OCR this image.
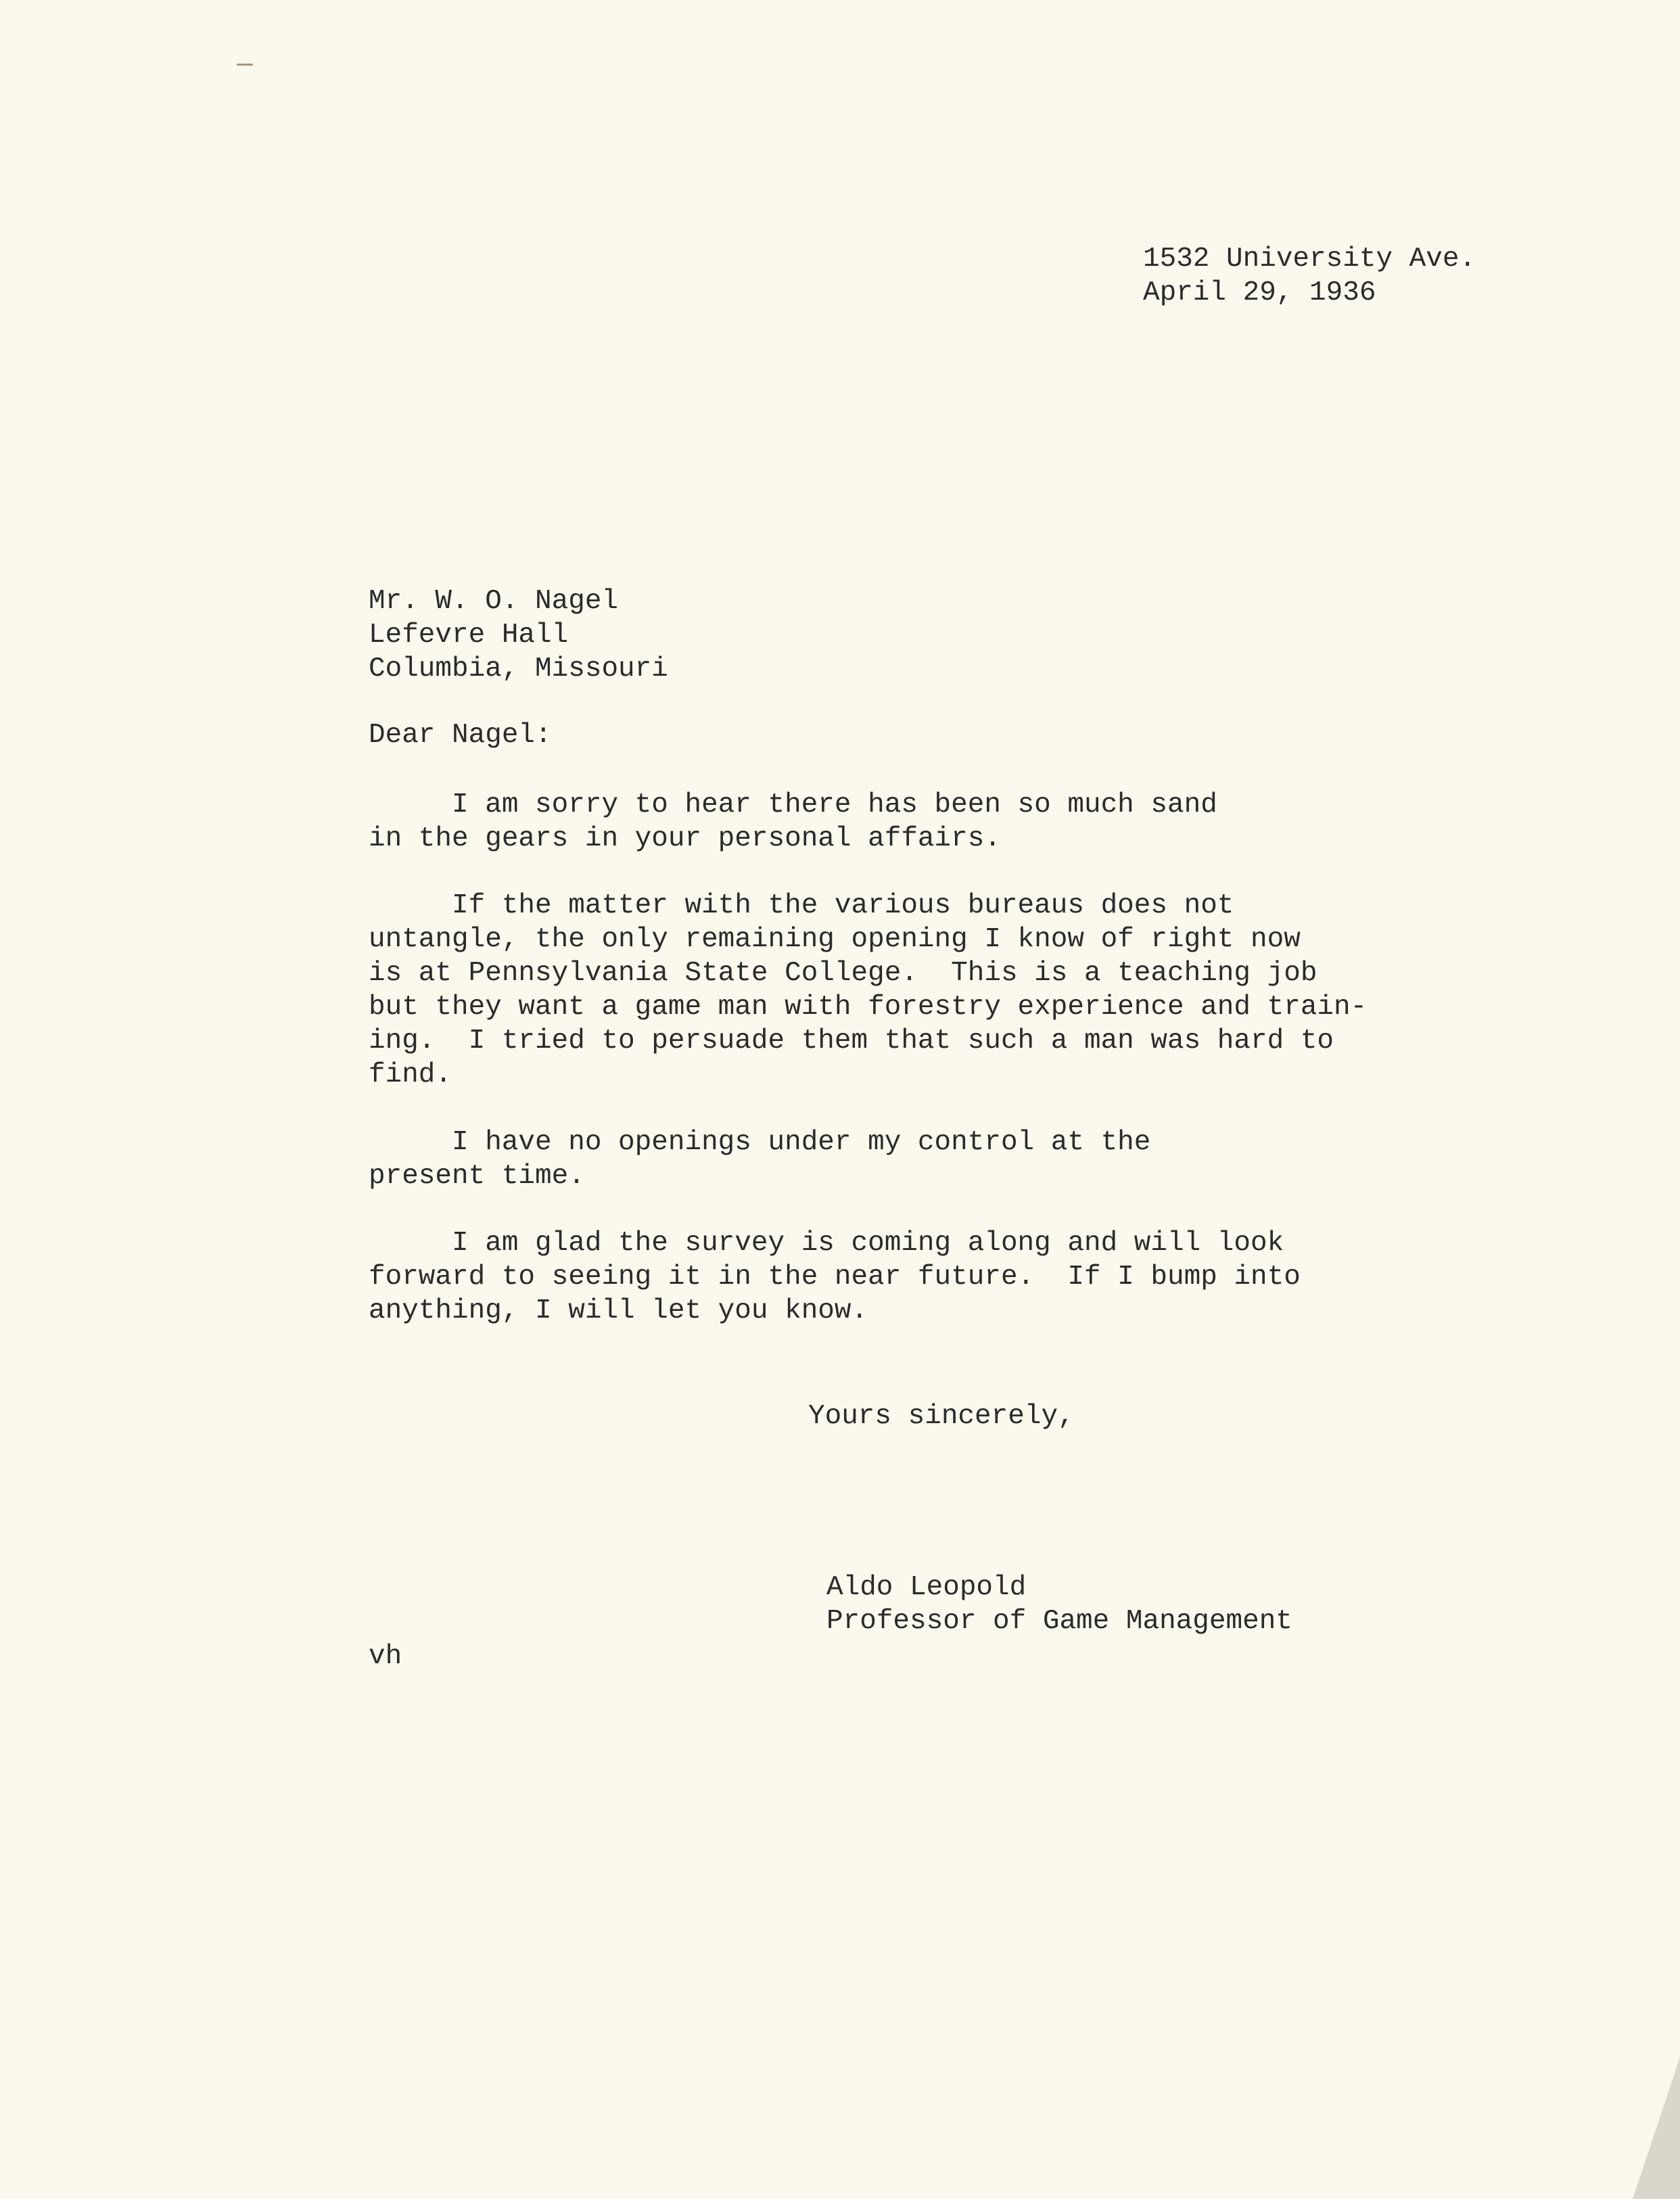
1532 University Ave.
April 29, 1936
Mr. W. O. Nagel
Lefevre Hall
Columbia, Missouri
Dear Nagel:
I am sorry to hear there has been so much sand
in the gears in your personal affairs.
If the matter with the various bureaus does not
untangle, the only remaining opening I know of right now
is at Pennsylvania State College.  This is a teaching job
but they want a game man with forestry experience and train-
ing.  I tried to persuade them that such a man was hard to
find.
I have no openings under my control at the
present time.
I am glad the survey is coming along and will look
forward to seeing it in the near future.  If I bump into
anything, I will let you know.
Yours sincerely,
Aldo Leopold
Professor of Game Management
vh
